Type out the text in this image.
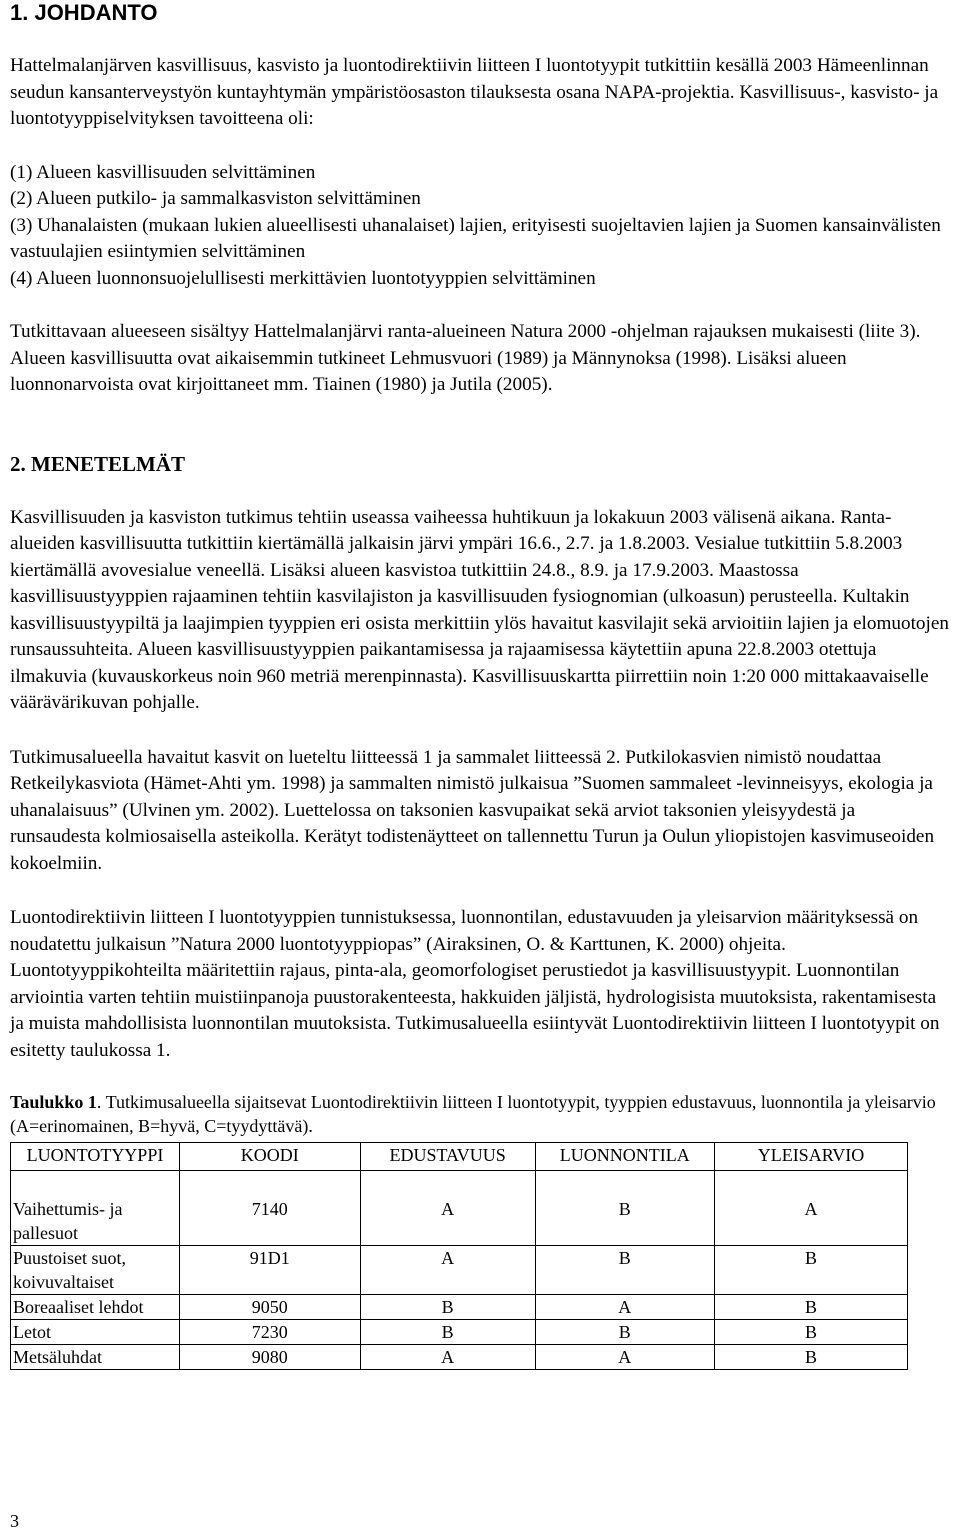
1. JOHDANTO

Hattelmalanjärven kasvillisuus, kasvisto ja luontodirektiivin liitteen I luontotyypit tutkittiin kesällä 2003 Hämeenlinnan seudun kansanterveystyön kuntayhtymän ympäristöosaston tilauksesta osana NAPA-projektia. Kasvillisuus-, kasvisto- ja luontotyyppiselvityksen tavoitteena oli:

(1) Alueen kasvillisuuden selvittäminen

(2) Alueen putkilo- ja sammalkasviston selvittäminen

(3) Uhanalaisten (mukaan lukien alueellisesti uhanalaiset) lajien, erityisesti suojeltavien lajien ja Suomen kansainvälisten vastuulajien esiintymien selvittäminen

(4) Alueen luonnonsuojelullisesti merkittävien luontotyyppien selvittäminen

Tutkittavaan alueeseen sisältyy Hattelmalanjärvi ranta-alueineen Natura 2000 -ohjelman rajauksen mukaisesti (liite 3). Alueen kasvillisuutta ovat aikaisemmin tutkineet Lehmusvuori (1989) ja Männynoksa (1998). Lisäksi alueen luonnonarvoista ovat kirjoittaneet mm. Tiainen (1980) ja Jutila (2005).

2. MENETELMÄT

Kasvillisuuden ja kasviston tutkimus tehtiin useassa vaiheessa huhtikuun ja lokakuun 2003 välisenä aikana. Ranta-alueiden kasvillisuutta tutkittiin kiertämällä jalkaisin järvi ympäri 16.6., 2.7. ja 1.8.2003. Vesialue tutkittiin 5.8.2003 kiertämällä avovesialue veneellä. Lisäksi alueen kasvistoa tutkittiin 24.8., 8.9. ja 17.9.2003. Maastossa kasvillisuustyyppien rajaaminen tehtiin kasvilajiston ja kasvillisuuden fysiognomian (ulkoasun) perusteella. Kultakin kasvillisuustyypiltä ja laajimpien tyyppien eri osista merkittiin ylös havaitut kasvilajit sekä arvioitiin lajien ja elomuotojen runsaussuhteita. Alueen kasvillisuustyyppien paikantamisessa ja rajaamisessa käytettiin apuna 22.8.2003 otettuja ilmakuvia (kuvauskorkeus noin 960 metriä merenpinnasta). Kasvillisuuskartta piirrettiin noin 1:20 000 mittakaavaiselle väärävärikuvan pohjalle.

Tutkimusalueella havaitut kasvit on lueteltu liitteessä 1 ja sammalet liitteessä 2. Putkilokasvien nimistö noudattaa Retkeilykasviota (Hämet-Ahti ym. 1998) ja sammalten nimistö julkaisua ”Suomen sammaleet -levinneisyys, ekologia ja uhanalaisuus” (Ulvinen ym. 2002). Luettelossa on taksonien kasvupaikat sekä arviot taksonien yleisyydestä ja runsaudesta kolmiosaisella asteikolla. Kerätyt todistenäytteet on tallennettu Turun ja Oulun yliopistojen kasvimuseoiden kokoelmiin.

Luontodirektiivin liitteen I luontotyyppien tunnistuksessa, luonnontilan, edustavuuden ja yleisarvion määrityksessä on noudatettu julkaisun ”Natura 2000 luontotyyppiopas” (Airaksinen, O. & Karttunen, K. 2000) ohjeita. Luontotyyppikohteilta määritettiin rajaus, pinta-ala, geomorfologiset perustiedot ja kasvillisuustyypit. Luonnontilan arviointia varten tehtiin muistiinpanoja puustorakenteesta, hakkuiden jäljistä, hydrologisista muutoksista, rakentamisesta ja muista mahdollisista luonnontilan muutoksista. Tutkimusalueella esiintyvät Luontodirektiivin liitteen I luontotyypit on esitetty taulukossa 1.

Taulukko 1. Tutkimusalueella sijaitsevat Luontodirektiivin liitteen I luontotyypit, tyyppien edustavuus, luonnontila ja yleisarvio (A=erinomainen, B=hyvä, C=tyydyttävä).

LUONTOTYYPPI	KOODI	EDUSTAVUUS	LUONNONTILA	YLEISARVIO
Vaihettumis- ja pallesuot	7140	A	B	A
Puustoiset suot, koivuvaltaiset	91D1	A	B	B
Boreaaliset lehdot	9050	B	A	B
Letot	7230	B	B	B
Metsäluhdat	9080	A	A	B
3
